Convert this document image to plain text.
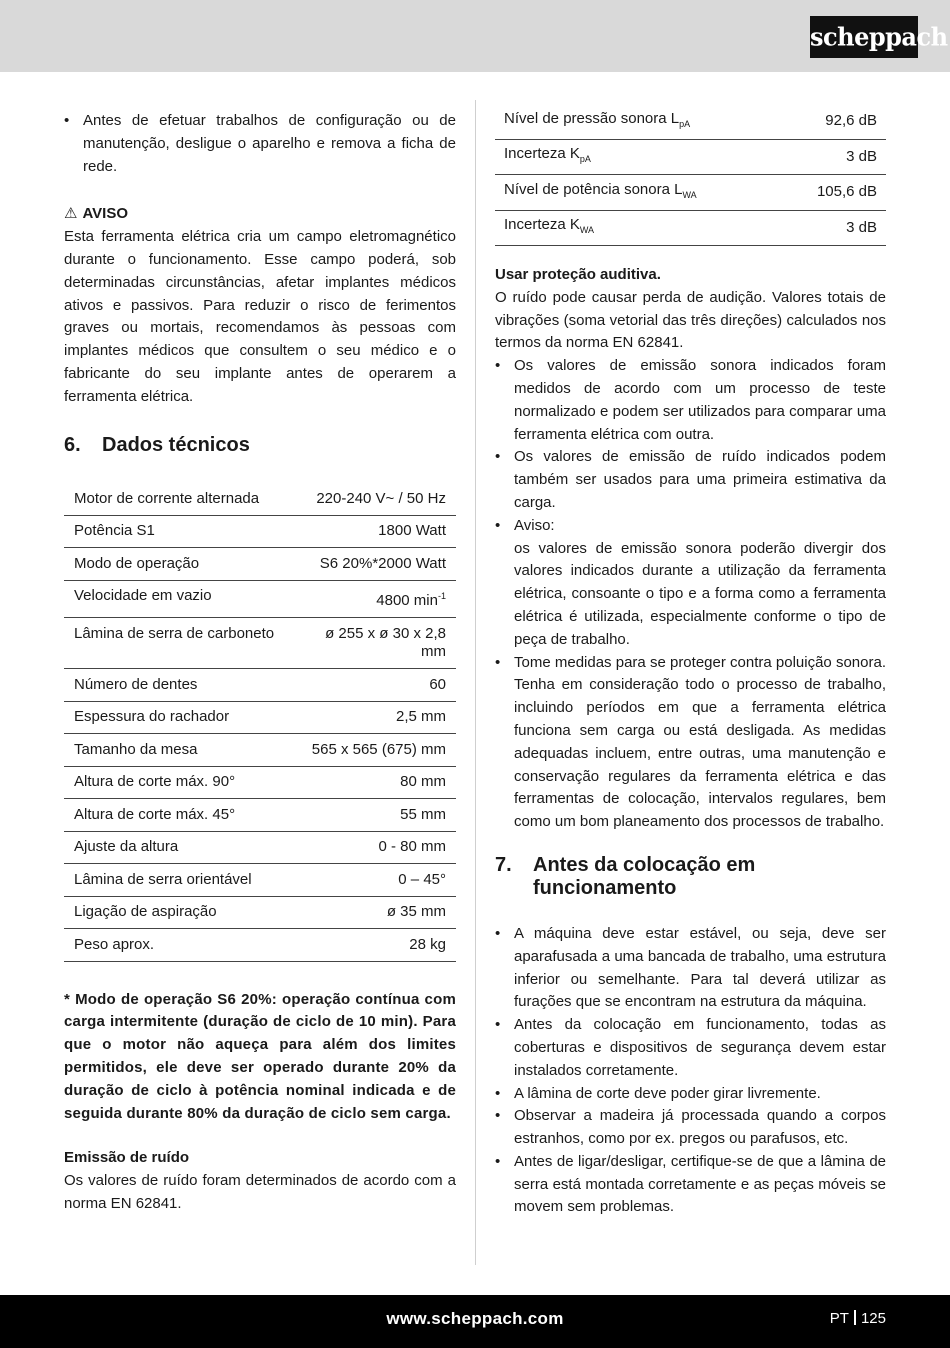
scheppach
• Antes de efetuar trabalhos de configuração ou de manutenção, desligue o aparelho e remova a ficha de rede.
⚠ AVISO

Esta ferramenta elétrica cria um campo eletromagnético durante o funcionamento. Esse campo poderá, sob determinadas circunstâncias, afetar implantes médicos ativos e passivos. Para reduzir o risco de ferimentos graves ou mortais, recomendamos às pessoas com implantes médicos que consultem o seu médico e o fabricante do seu implante antes de operarem a ferramenta elétrica.

6.	Dados técnicos
Motor de corrente alternada	220-240 V~ / 50 Hz
Potência S1	1800 Watt
Modo de operação	S6 20%*2000 Watt
Velocidade em vazio	4800 $\min^{-1}$
Lâmina de serra de carboneto	ø 255 x ø 30 x 2,8 mm
Número de dentes	60
Espessura do rachador	2,5 mm
Tamanho da mesa	565 x 565 (675) mm
Altura de corte máx. 90°	80 mm
Altura de corte máx. 45°	55 mm
Ajuste da altura	0 - 80 mm
Lâmina de serra orientável	0 – 45°
Ligação de aspiração	ø 35 mm
Peso aprox.	28 kg

* Modo de operação S6 20%: operação contínua com carga intermitente (duração de ciclo de 10 min). Para que o motor não aqueça para além dos limites permitidos, ele deve ser operado durante 20% da duração de ciclo à potência nominal indicada e de seguida durante 80% da duração de ciclo sem carga.

Emissão de ruído

Os valores de ruído foram determinados de acordo com a norma EN 62841.

Nível de pressão sonora $L_{pA}$	92,6 dB
Incerteza $K_{pA}$	3 dB
Nível de potência sonora $L_{WA}$	105,6 dB
Incerteza $K_{WA}$	3 dB
Usar proteção auditiva.

O ruído pode causar perda de audição. Valores totais de vibrações (soma vetorial das três direções) calculados nos termos da norma EN 62841.

• Os valores de emissão sonora indicados foram medidos de acordo com um processo de teste normalizado e podem ser utilizados para comparar uma ferramenta elétrica com outra.
• Os valores de emissão de ruído indicados podem também ser usados para uma primeira estimativa da carga.
• Aviso:
os valores de emissão sonora poderão divergir dos valores indicados durante a utilização da ferramenta elétrica, consoante o tipo e a forma como a ferramenta elétrica é utilizada, especialmente conforme o tipo de peça de trabalho.
• Tome medidas para se proteger contra poluição sonora. Tenha em consideração todo o processo de trabalho, incluindo períodos em que a ferramenta elétrica funciona sem carga ou está desligada. As medidas adequadas incluem, entre outras, uma manutenção e conservação regulares da ferramenta elétrica e das ferramentas de colocação, intervalos regulares, bem como um bom planeamento dos processos de trabalho.
7.	Antes da colocação em funcionamento
• A máquina deve estar estável, ou seja, deve ser aparafusada a uma bancada de trabalho, uma estrutura inferior ou semelhante. Para tal deverá utilizar as furações que se encontram na estrutura da máquina.
• Antes da colocação em funcionamento, todas as coberturas e dispositivos de segurança devem estar instalados corretamente.
• A lâmina de corte deve poder girar livremente.
• Observar a madeira já processada quando a corpos estranhos, como por ex. pregos ou parafusos, etc.
• Antes de ligar/desligar, certifique-se de que a lâmina de serra está montada corretamente e as peças móveis se movem sem problemas.
www.scheppach.com	PT 125
